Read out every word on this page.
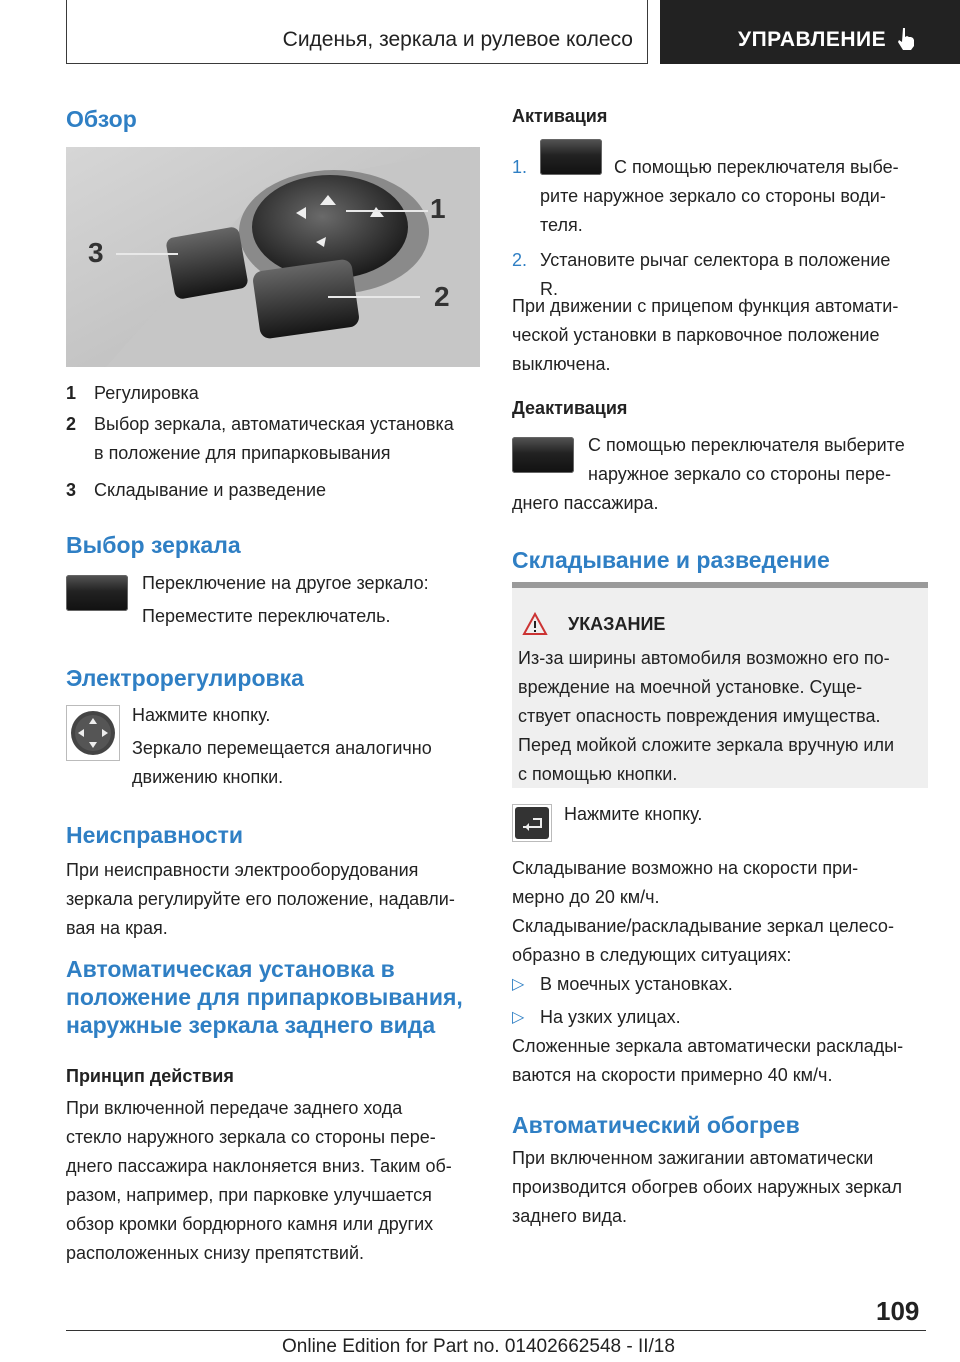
Сиденья, зеркала и рулевое колесо	УПРАВЛЕНИЕ
Обзор
1
2
3
1 Регулировка
2 Выбор зеркала, автоматическая установка
в положение для припарковывания
3 Складывание и разведение
Выбор зеркала
Переключение на другое зеркало:
Переместите переключатель.
Электрорегулировка
Нажмите кнопку.
Зеркало перемещается аналогично
движению кнопки.
Неисправности
При неисправности электрооборудования
зеркала регулируйте его положение, надавли-
вая на края.
Автоматическая установка в
положение для припарковывания,
наружные зеркала заднего вида
Принцип действия
При включенной передаче заднего хода
стекло наружного зеркала со стороны пере-
днего пассажира наклоняется вниз. Таким об-
разом, например, при парковке улучшается
обзор кромки бордюрного камня или других
расположенных снизу препятствий.
Активация
1.	С помощью переключателя выбе-
рите наружное зеркало со стороны води-
теля.
2. Установите рычаг селектора в положение
R.
При движении с прицепом функция автомати-
ческой установки в парковочное положение
выключена.
Деактивация
С помощью переключателя выберите
наружное зеркало со стороны пере-
днего пассажира.
Складывание и разведение
УКАЗАНИЕ
Из-за ширины автомобиля возможно его по-
вреждение на моечной установке. Суще-
ствует опасность повреждения имущества.
Перед мойкой сложите зеркала вручную или
с помощью кнопки.
Нажмите кнопку.
Складывание возможно на скорости при-
мерно до 20 км/ч.
Складывание/раскладывание зеркал целесо-
образно в следующих ситуациях:
▷ В моечных установках.
▷ На узких улицах.
Сложенные зеркала автоматически расклады-
ваются на скорости примерно 40 км/ч.
Автоматический обогрев
При включенном зажигании автоматически
производится обогрев обоих наружных зеркал
заднего вида.
109
Online Edition for Part no. 01402662548 - II/18
